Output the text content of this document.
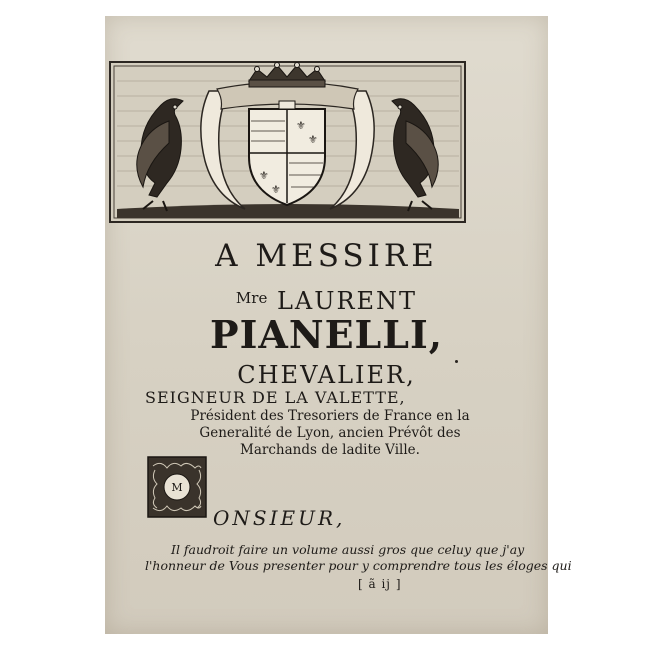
⚜
⚜
⚜
⚜
A MESSIRE
$^{Mre}$ LAURENT
PIANELLI,
CHEVALIER,
SEIGNEUR DE LA VALETTE,
Président des Tresoriers de France en la
Generalité de Lyon, ancien Prévôt des
Marchands de ladite Ville.
M
ONSIEUR,
Il faudroit faire un volume aussi gros que celuy que j'ay
l'honneur de Vous presenter pour y comprendre tous les éloges qui
[ ã ij ]
